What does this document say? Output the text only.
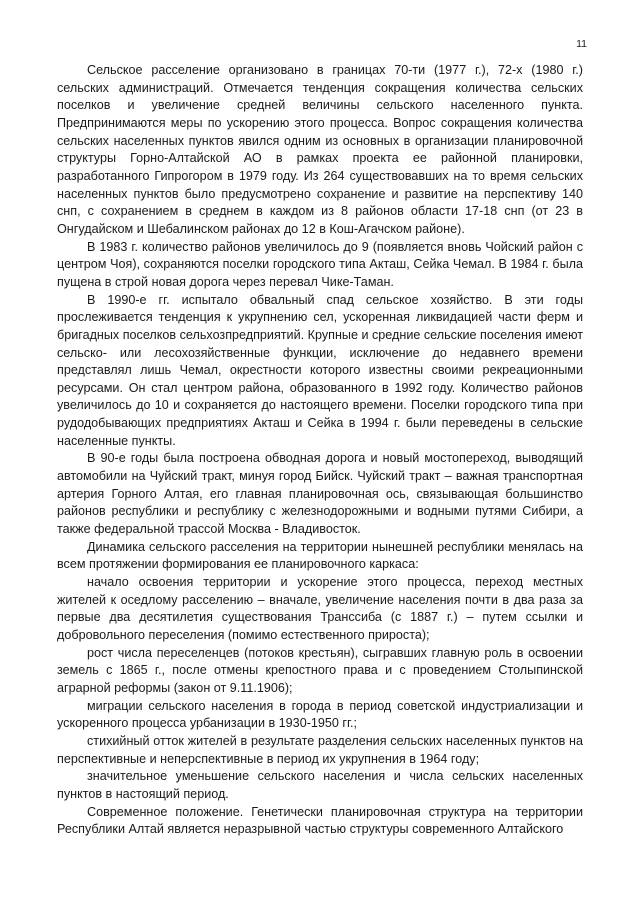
11

Сельское расселение организовано в границах 70-ти (1977 г.), 72-х (1980 г.) сельских администраций. Отмечается тенденция сокращения количества сельских поселков и увеличение средней величины сельского населенного пункта. Предпринимаются меры по ускорению этого процесса. Вопрос сокращения количества сельских населенных пунктов явился одним из основных в организации планировочной структуры Горно-Алтайской АО в рамках проекта ее районной планировки, разработанного Гипрогором в 1979 году. Из 264 существовавших на то время сельских населенных пунктов было предусмотрено сохранение и развитие на перспективу 140 снп, с сохранением в среднем в каждом из 8 районов области 17-18 снп (от 23 в Онгудайском и Шебалинском районах до 12 в Кош-Агачском районе).

В 1983 г. количество районов увеличилось до 9 (появляется вновь Чойский район с центром Чоя), сохраняются поселки городского типа Акташ, Сейка Чемал. В 1984 г. была пущена в строй новая дорога через перевал Чике-Таман.

В 1990-е гг. испытало обвальный спад сельское хозяйство. В эти годы прослеживается тенденция к укрупнению сел, ускоренная ликвидацией части ферм и бригадных поселков сельхозпредприятий. Крупные и средние сельские поселения имеют сельско- или лесохозяйственные функции, исключение до недавнего времени представлял лишь Чемал, окрестности которого известны своими рекреационными ресурсами. Он стал центром района, образованного в 1992 году. Количество районов увеличилось до 10 и сохраняется до настоящего времени. Поселки городского типа при рудодобывающих предприятиях Акташ и Сейка в 1994 г. были переведены в сельские населенные пункты.

В 90-е годы была построена обводная дорога и новый мостопереход, выводящий автомобили на Чуйский тракт, минуя город Бийск. Чуйский тракт – важная транспортная артерия Горного Алтая, его главная планировочная ось, связывающая большинство районов республики и республику с железнодорожными и водными путями Сибири, а также федеральной трассой Москва - Владивосток.

Динамика сельского расселения на территории нынешней республики менялась на всем протяжении формирования ее планировочного каркаса:

начало освоения территории и ускорение этого процесса, переход местных жителей к оседлому расселению – вначале, увеличение населения почти в два раза за первые два десятилетия существования Транссиба (с 1887 г.) – путем ссылки и добровольного переселения (помимо естественного прироста);

рост числа переселенцев (потоков крестьян), сыгравших главную роль в освоении земель с 1865 г., после отмены крепостного права и с проведением Столыпинской аграрной реформы (закон от 9.11.1906);

миграции сельского населения в города в период советской индустриализации и ускоренного процесса урбанизации в 1930-1950 гг.;

стихийный отток жителей в результате разделения сельских населенных пунктов на перспективные и неперспективные в период их укрупнения в 1964 году;

значительное уменьшение сельского населения и числа сельских населенных пунктов в настоящий период.

Современное положение. Генетически планировочная структура на территории Республики Алтай является неразрывной частью структуры современного Алтайского
